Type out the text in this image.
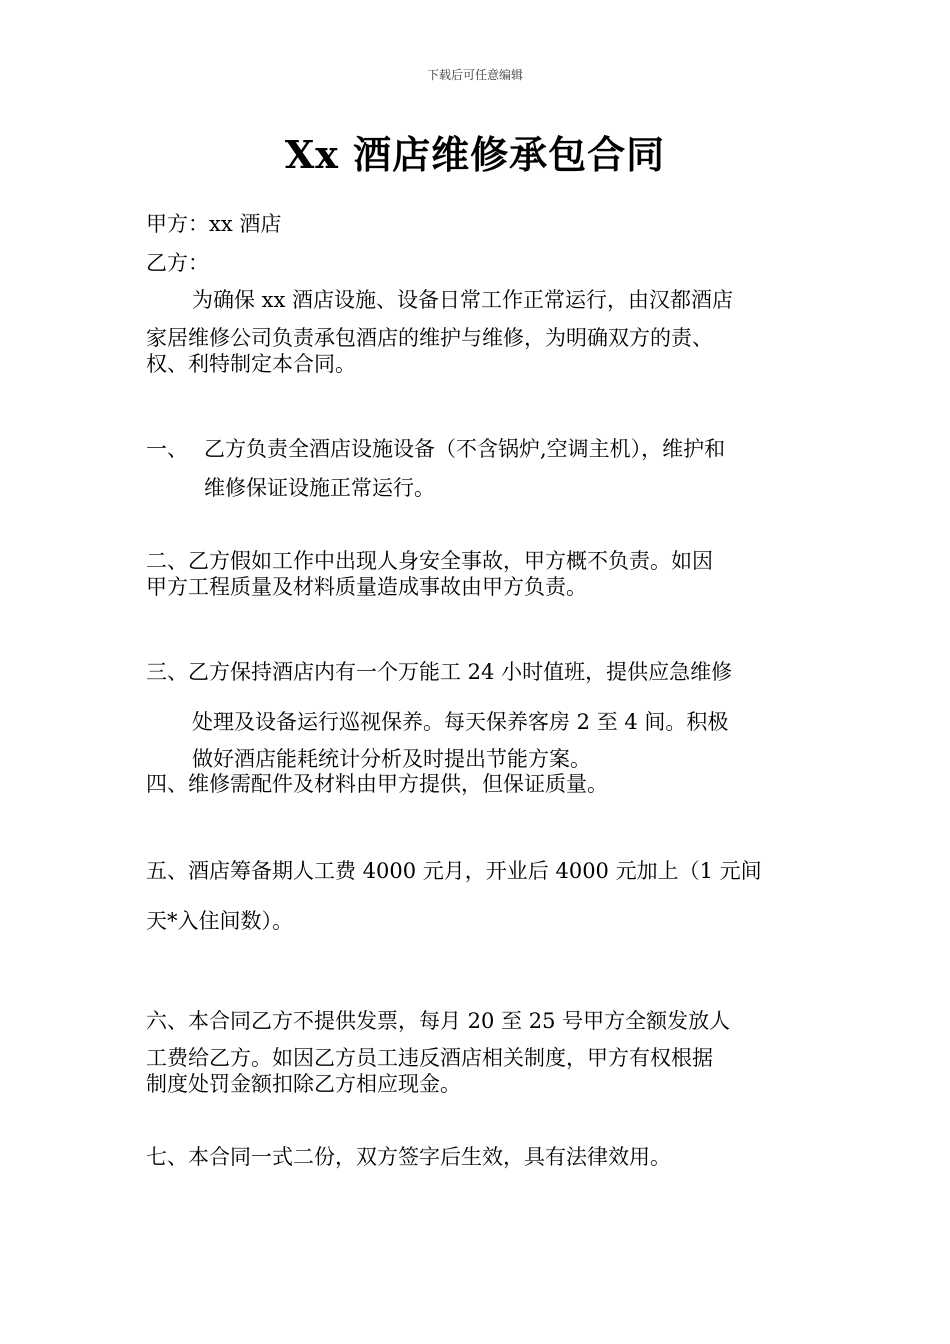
下载后可任意编辑
Xx 酒店维修承包合同
甲方：xx 酒店
乙方：
为确保 xx 酒店设施、设备日常工作正常运行，由汉都酒店
家居维修公司负责承包酒店的维护与维修，为明确双方的责、
权、利特制定本合同。
一、 乙方负责全酒店设施设备（不含锅炉,空调主机），维护和
维修保证设施正常运行。
二、乙方假如工作中出现人身安全事故，甲方概不负责。如因
甲方工程质量及材料质量造成事故由甲方负责。
三、乙方保持酒店内有一个万能工 24 小时值班，提供应急维修
处理及设备运行巡视保养。每天保养客房 2 至 4 间。积极
做好酒店能耗统计分析及时提出节能方案。
四、维修需配件及材料由甲方提供，但保证质量。
五、酒店筹备期人工费 4000 元月，开业后 4000 元加上（1 元间
天*入住间数）。
六、本合同乙方不提供发票，每月 20 至 25 号甲方全额发放人
工费给乙方。如因乙方员工违反酒店相关制度，甲方有权根据
制度处罚金额扣除乙方相应现金。
七、本合同一式二份，双方签字后生效，具有法律效用。
